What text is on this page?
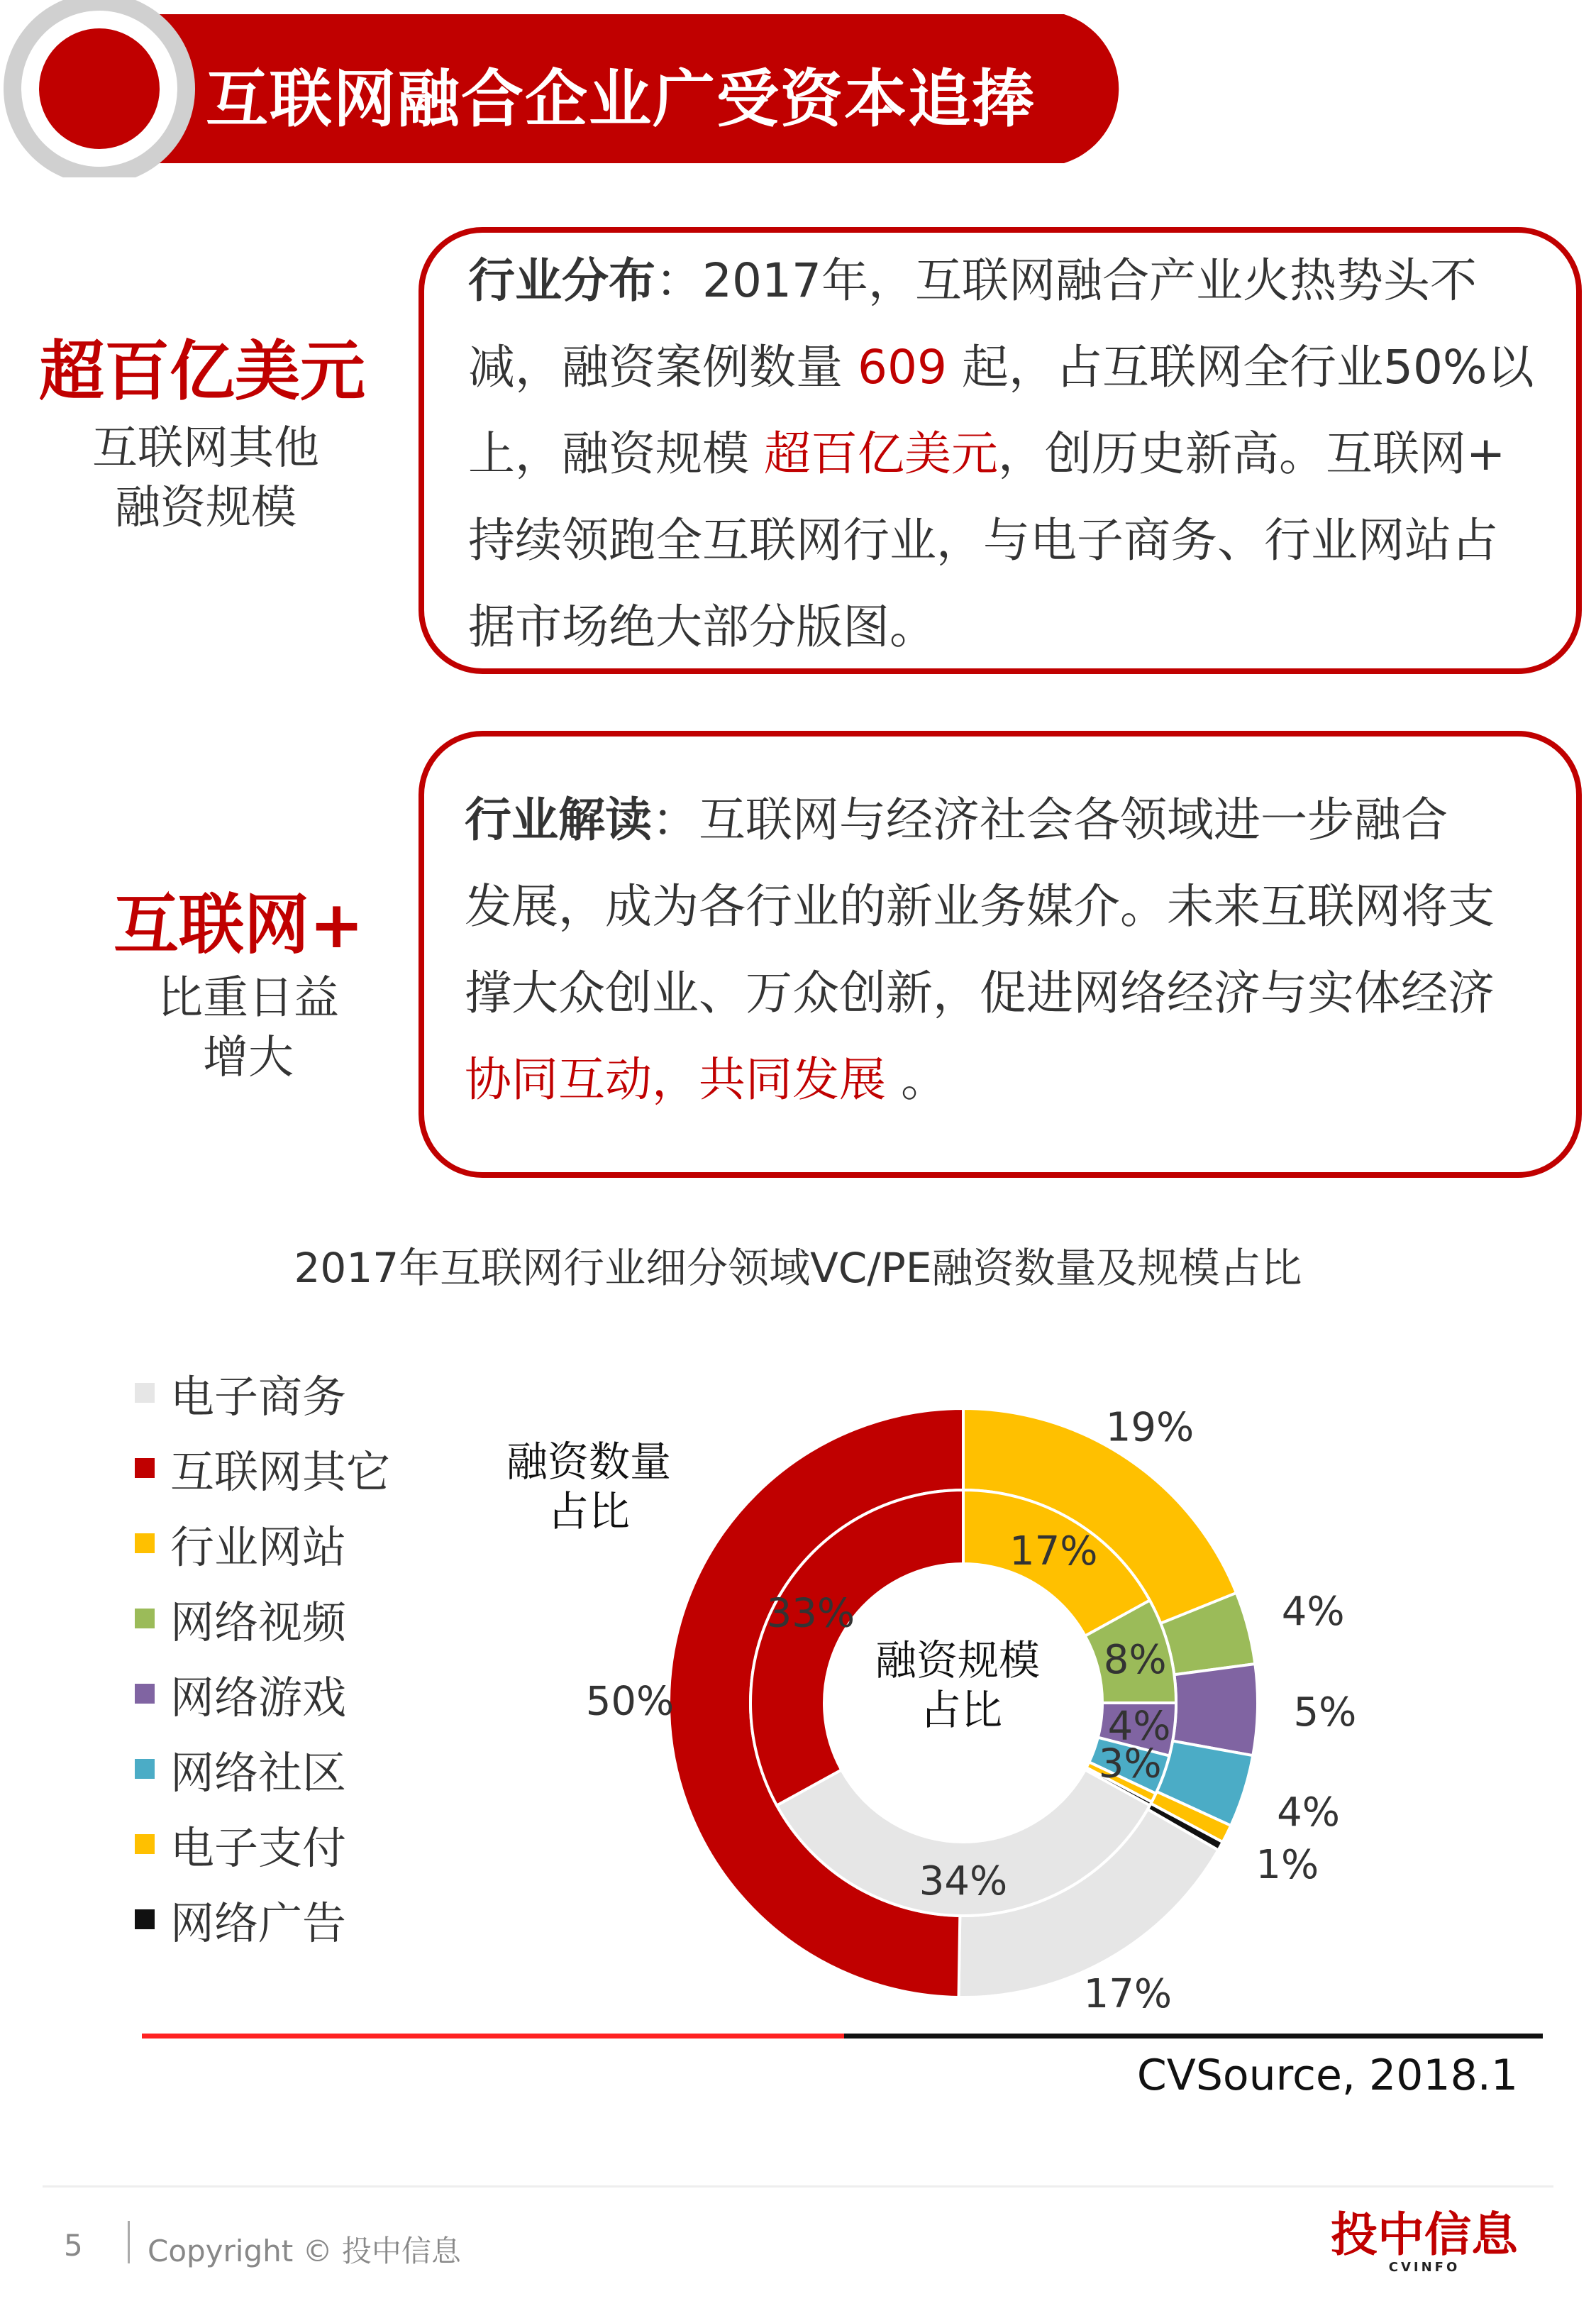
互联网融合企业广受资本追捧
超百亿美元
互联网其他
融资规模
行业分布：2017年，互联网融合产业火热势头不
减，融资案例数量 609 起，占互联网全行业50%以
上，融资规模 超百亿美元，创历史新高。互联网+
持续领跑全互联网行业，与电子商务、行业网站占
据市场绝大部分版图。
互联网+
比重日益
增大
行业解读：互联网与经济社会各领域进一步融合
发展，成为各行业的新业务媒介。未来互联网将支
撑大众创业、万众创新，促进网络经济与实体经济
协同互动，共同发展 。
2017年互联网行业细分领域VC/PE融资数量及规模占比
电子商务
互联网其它
行业网站
网络视频
网络游戏
网络社区
电子支付
网络广告
19%
4%
5%
4%
1%
17%
50%
17%
8%
4%
3%
34%
33%
融资数量
占比
融资规模
占比
CVSource, 2018.1
5 Copyright © 投中信息	投中信息
CVINFO
